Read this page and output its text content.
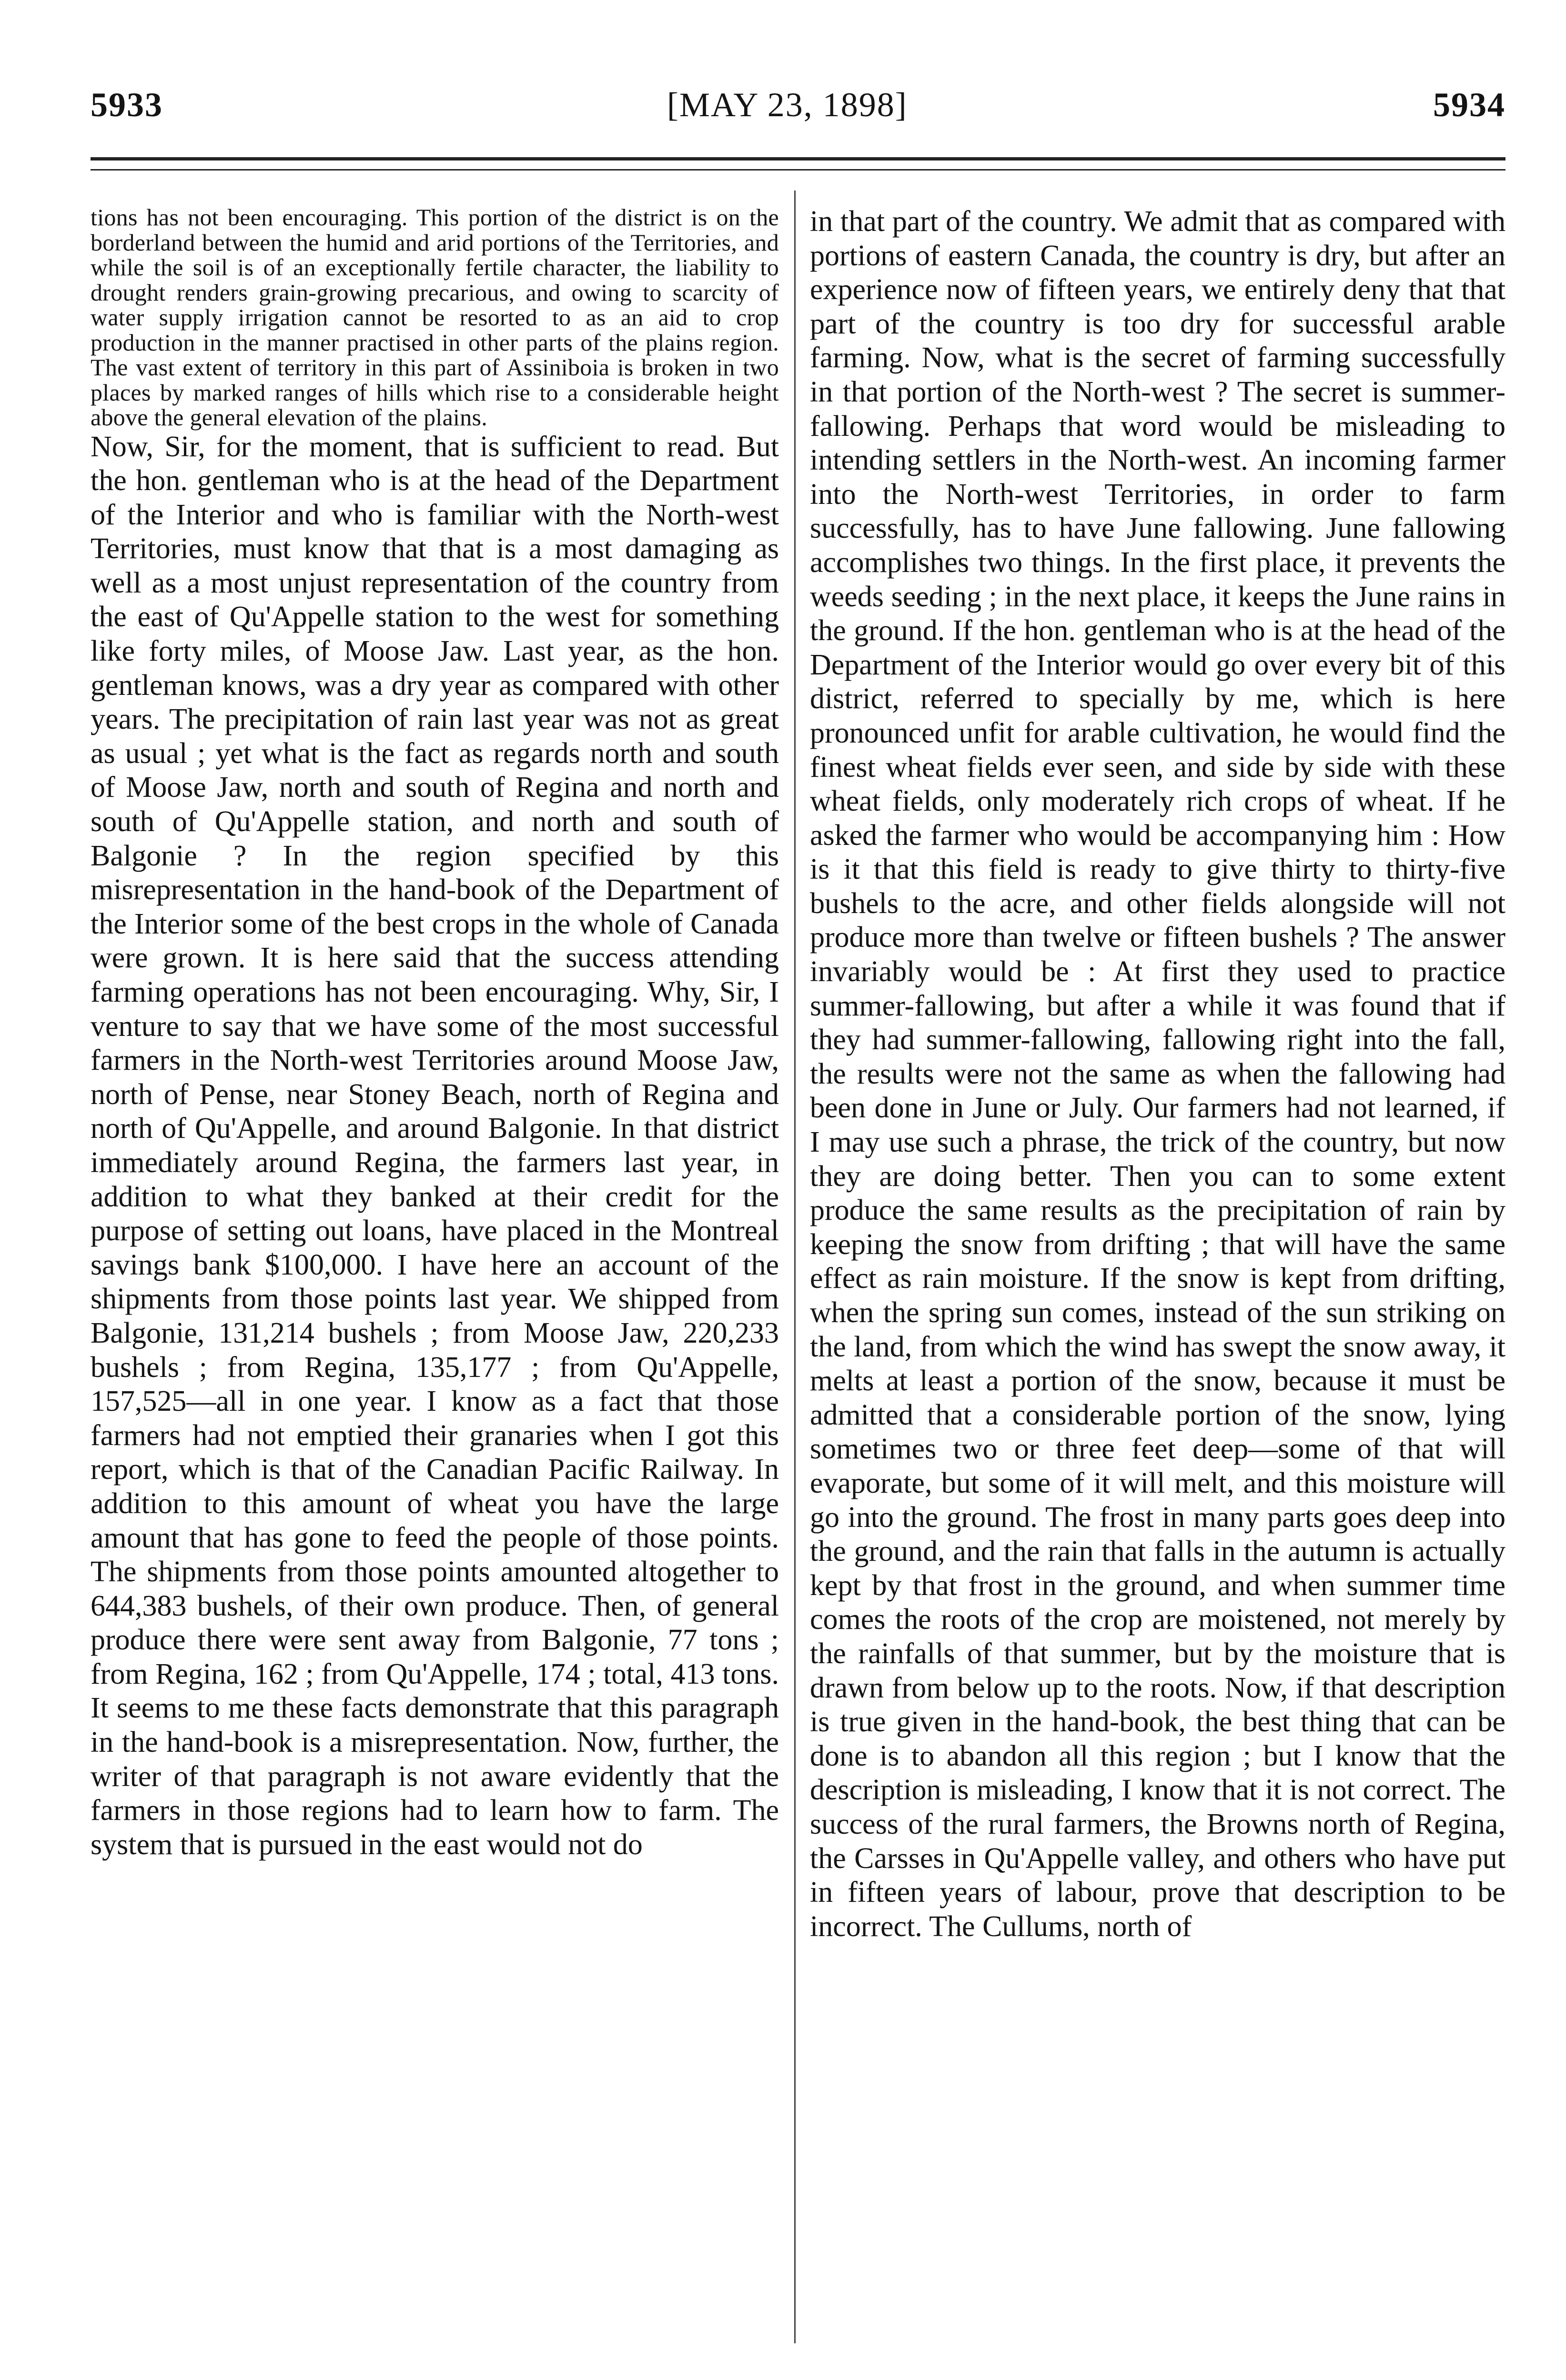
5933	[MAY 23, 1898]	5934

tions has not been encouraging. This portion of the district is on the borderland between the humid and arid portions of the Territories, and while the soil is of an exceptionally fertile character, the liability to drought renders grain-growing precarious, and owing to scarcity of water supply irrigation cannot be resorted to as an aid to crop production in the manner practised in other parts of the plains region. The vast extent of territory in this part of Assiniboia is broken in two places by marked ranges of hills which rise to a considerable height above the general elevation of the plains.

Now, Sir, for the moment, that is sufficient to read. But the hon. gentleman who is at the head of the Department of the Interior and who is familiar with the North-west Territories, must know that that is a most damaging as well as a most unjust representation of the country from the east of Qu'Appelle station to the west for something like forty miles, of Moose Jaw. Last year, as the hon. gentleman knows, was a dry year as compared with other years. The precipitation of rain last year was not as great as usual ; yet what is the fact as regards north and south of Moose Jaw, north and south of Regina and north and south of Qu'Appelle station, and north and south of Balgonie ? In the region specified by this misrepresentation in the hand-book of the Department of the Interior some of the best crops in the whole of Canada were grown. It is here said that the success attending farming operations has not been encouraging. Why, Sir, I venture to say that we have some of the most successful farmers in the North-west Territories around Moose Jaw, north of Pense, near Stoney Beach, north of Regina and north of Qu'Appelle, and around Balgonie. In that district immediately around Regina, the farmers last year, in addition to what they banked at their credit for the purpose of setting out loans, have placed in the Montreal savings bank $100,000. I have here an account of the shipments from those points last year. We shipped from Balgonie, 131,214 bushels ; from Moose Jaw, 220,233 bushels ; from Regina, 135,177 ; from Qu'Appelle, 157,525—all in one year. I know as a fact that those farmers had not emptied their granaries when I got this report, which is that of the Canadian Pacific Railway. In addition to this amount of wheat you have the large amount that has gone to feed the people of those points. The shipments from those points amounted altogether to 644,383 bushels, of their own produce. Then, of general produce there were sent away from Balgonie, 77 tons ; from Regina, 162 ; from Qu'Appelle, 174 ; total, 413 tons. It seems to me these facts demonstrate that this paragraph in the hand-book is a misrepresentation. Now, further, the writer of that paragraph is not aware evidently that the farmers in those regions had to learn how to farm. The system that is pursued in the east would not do

in that part of the country. We admit that as compared with portions of eastern Canada, the country is dry, but after an experience now of fifteen years, we entirely deny that that part of the country is too dry for successful arable farming. Now, what is the secret of farming successfully in that portion of the North-west ? The secret is summer-fallowing. Perhaps that word would be misleading to intending settlers in the North-west. An incoming farmer into the North-west Territories, in order to farm successfully, has to have June fallowing. June fallowing accomplishes two things. In the first place, it prevents the weeds seeding ; in the next place, it keeps the June rains in the ground. If the hon. gentleman who is at the head of the Department of the Interior would go over every bit of this district, referred to specially by me, which is here pronounced unfit for arable cultivation, he would find the finest wheat fields ever seen, and side by side with these wheat fields, only moderately rich crops of wheat. If he asked the farmer who would be accompanying him : How is it that this field is ready to give thirty to thirty-five bushels to the acre, and other fields alongside will not produce more than twelve or fifteen bushels ? The answer invariably would be : At first they used to practice summer-fallowing, but after a while it was found that if they had summer-fallowing, fallowing right into the fall, the results were not the same as when the fallowing had been done in June or July. Our farmers had not learned, if I may use such a phrase, the trick of the country, but now they are doing better. Then you can to some extent produce the same results as the precipitation of rain by keeping the snow from drifting ; that will have the same effect as rain moisture. If the snow is kept from drifting, when the spring sun comes, instead of the sun striking on the land, from which the wind has swept the snow away, it melts at least a portion of the snow, because it must be admitted that a considerable portion of the snow, lying sometimes two or three feet deep—some of that will evaporate, but some of it will melt, and this moisture will go into the ground. The frost in many parts goes deep into the ground, and the rain that falls in the autumn is actually kept by that frost in the ground, and when summer time comes the roots of the crop are moistened, not merely by the rainfalls of that summer, but by the moisture that is drawn from below up to the roots. Now, if that description is true given in the hand-book, the best thing that can be done is to abandon all this region ; but I know that the description is misleading, I know that it is not correct. The success of the rural farmers, the Browns north of Regina, the Carsses in Qu'Appelle valley, and others who have put in fifteen years of labour, prove that description to be incorrect. The Cullums, north of
